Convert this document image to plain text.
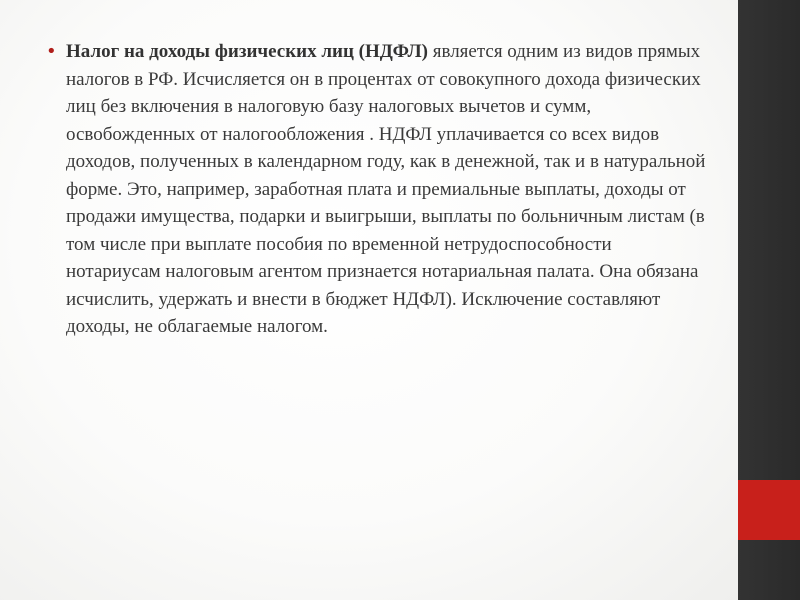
• Налог на доходы физических лиц (НДФЛ) является одним из видов прямых налогов в РФ. Исчисляется он в процентах от совокупного дохода физических лиц без включения в налоговую базу налоговых вычетов и сумм, освобожденных от налогообложения . НДФЛ уплачивается со всех видов доходов, полученных в календарном году, как в денежной, так и в натуральной форме. Это, например, заработная плата и премиальные выплаты, доходы от продажи имущества, подарки и выигрыши, выплаты по больничным листам (в том числе при выплате пособия по временной нетрудоспособности нотариусам налоговым агентом признается нотариальная палата. Она обязана исчислить, удержать и внести в бюджет НДФЛ). Исключение составляют доходы, не облагаемые налогом.
